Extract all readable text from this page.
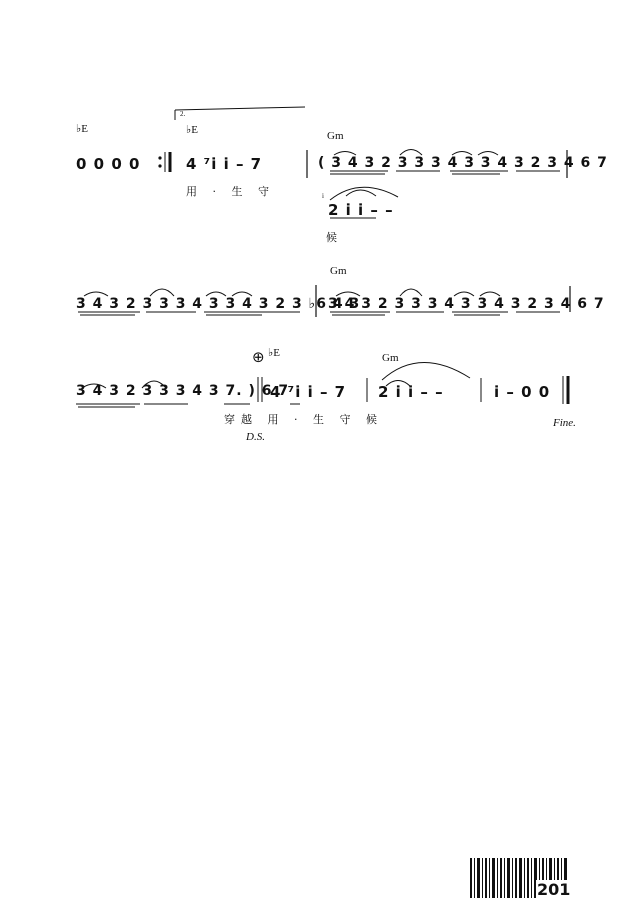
♭E
0 0 0 0
2.
♭E
4 ⁷i̇ i̇ – 7
用 · 生 守
Gm
( 3 4 3 2 3 3 3 4 3 3 4 3 2 3 4 6 7
i
2 i̇ i̇ – –
候
Gm
3 4 3 2 3 3 3 4 3 3 4 3 2 3 ♭6 4 3
3 4 3 2 3 3 3 4 3 3 4 3 2 3 4 6 7
⊕ ♭E	Gm
3 4 3 2 3 3 3 4 3 7. ) 6 7
4 ⁷i̇ i̇ – 7 2 i̇ i̇ – –	i̇ – 0 0
穿越 用 · 生 守 候
D.S.
Fine.
201
